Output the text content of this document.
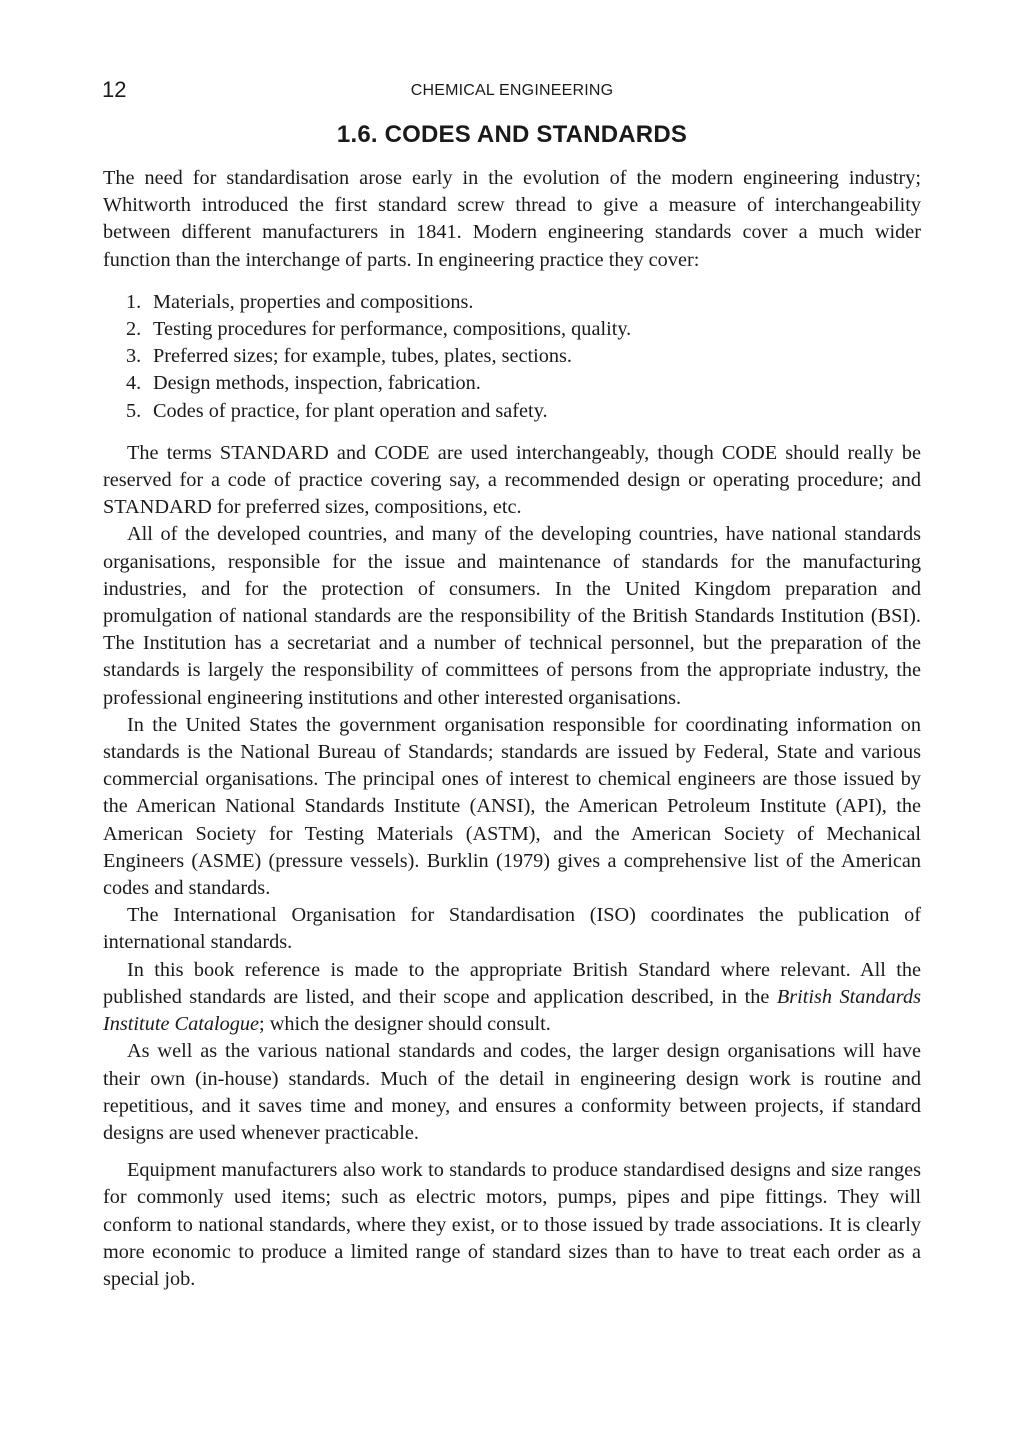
12	CHEMICAL ENGINEERING
1.6. CODES AND STANDARDS

The need for standardisation arose early in the evolution of the modern engineering industry; Whitworth introduced the first standard screw thread to give a measure of interchangeability between different manufacturers in 1841. Modern engineering standards cover a much wider function than the interchange of parts. In engineering practice they cover:

1. Materials, properties and compositions.
2. Testing procedures for performance, compositions, quality.
3. Preferred sizes; for example, tubes, plates, sections.
4. Design methods, inspection, fabrication.
5. Codes of practice, for plant operation and safety.

The terms STANDARD and CODE are used interchangeably, though CODE should really be reserved for a code of practice covering say, a recommended design or operating procedure; and STANDARD for preferred sizes, compositions, etc.

All of the developed countries, and many of the developing countries, have national standards organisations, responsible for the issue and maintenance of standards for the manufacturing industries, and for the protection of consumers. In the United Kingdom preparation and promulgation of national standards are the responsibility of the British Standards Institution (BSI). The Institution has a secretariat and a number of technical personnel, but the preparation of the standards is largely the responsibility of committees of persons from the appropriate industry, the professional engineering institutions and other interested organisations.

In the United States the government organisation responsible for coordinating information on standards is the National Bureau of Standards; standards are issued by Federal, State and various commercial organisations. The principal ones of interest to chemical engineers are those issued by the American National Standards Institute (ANSI), the American Petroleum Institute (API), the American Society for Testing Materials (ASTM), and the American Society of Mechanical Engineers (ASME) (pressure vessels). Burklin (1979) gives a comprehensive list of the American codes and standards.

The International Organisation for Standardisation (ISO) coordinates the publication of international standards.

In this book reference is made to the appropriate British Standard where relevant. All the published standards are listed, and their scope and application described, in the British Standards Institute Catalogue; which the designer should consult.

As well as the various national standards and codes, the larger design organisations will have their own (in-house) standards. Much of the detail in engineering design work is routine and repetitious, and it saves time and money, and ensures a conformity between projects, if standard designs are used whenever practicable.

Equipment manufacturers also work to standards to produce standardised designs and size ranges for commonly used items; such as electric motors, pumps, pipes and pipe fittings. They will conform to national standards, where they exist, or to those issued by trade associations. It is clearly more economic to produce a limited range of standard sizes than to have to treat each order as a special job.
